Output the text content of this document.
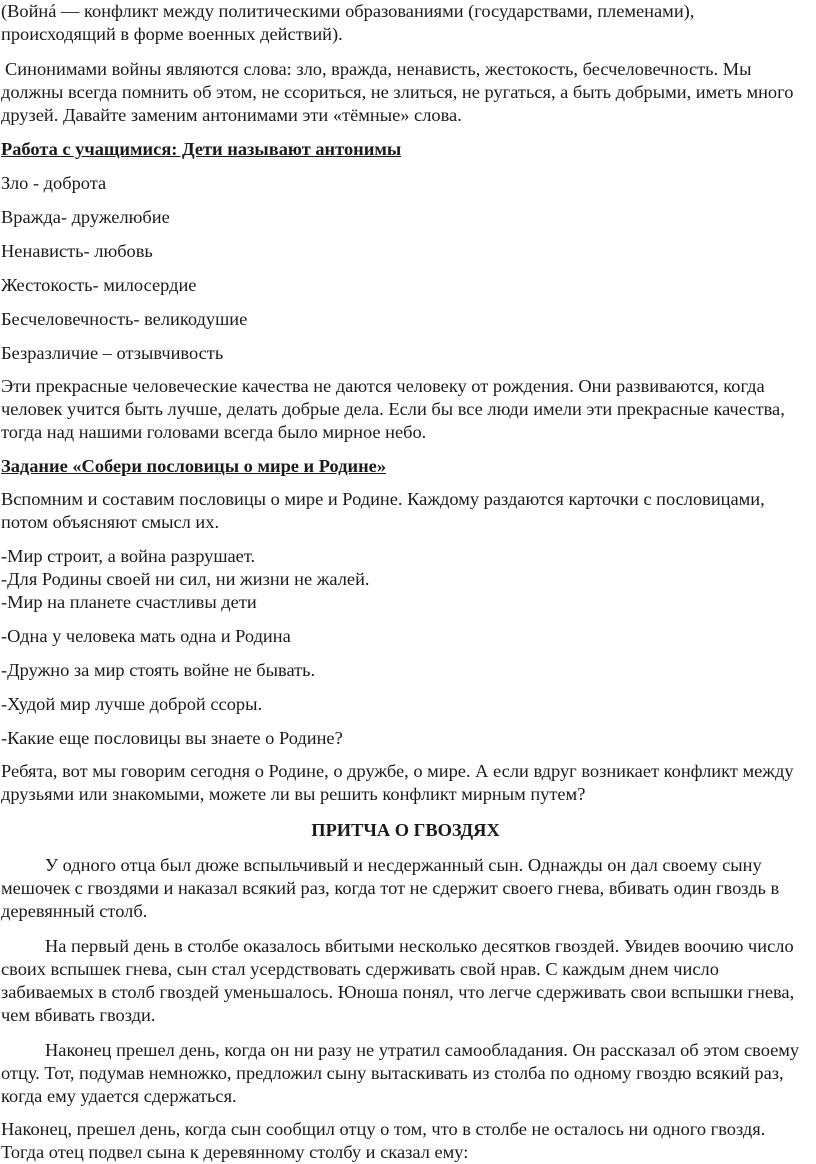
(Войнá — конфликт между политическими образованиями (государствами, племенами), происходящий в форме военных действий).

Синонимами войны являются слова: зло, вражда, ненависть, жестокость, бесчеловечность. Мы должны всегда помнить об этом, не ссориться, не злиться, не ругаться, а быть добрыми, иметь много друзей. Давайте заменим антонимами эти «тёмные» слова.

Работа с учащимися: Дети называют антонимы

Зло - доброта

Вражда- дружелюбие

Ненависть- любовь

Жестокость- милосердие

Бесчеловечность- великодушие

Безразличие – отзывчивость

Эти прекрасные человеческие качества не даются человеку от рождения. Они развиваются, когда человек учится быть лучше, делать добрые дела. Если бы все люди имели эти прекрасные качества, тогда над нашими головами всегда было мирное небо.

Задание «Собери пословицы о мире и Родине»

Вспомним и составим пословицы о мире и Родине. Каждому раздаются карточки с пословицами, потом объясняют смысл их.

-Мир строит, а война разрушает.

-Для Родины своей ни сил, ни жизни не жалей.

-Мир на планете счастливы дети

-Одна у человека мать одна и Родина

-Дружно за мир стоять войне не бывать.

-Худой мир лучше доброй ссоры.

-Какие еще пословицы вы знаете о Родине?

Ребята, вот мы говорим сегодня о Родине, о дружбе, о мире. А если вдруг возникает конфликт между друзьями или знакомыми, можете ли вы решить конфликт мирным путем?

ПРИТЧА О ГВОЗДЯХ

У одного отца был дюже вспыльчивый и несдержанный сын. Однажды он дал своему сыну мешочек с гвоздями и наказал всякий раз, когда тот не сдержит своего гнева, вбивать один гвоздь в деревянный столб.

На первый день в столбе оказалось вбитыми несколько десятков гвоздей. Увидев воочию число своих вспышек гнева, сын стал усердствовать сдерживать свой нрав. С каждым днем число забиваемых в столб гвоздей уменьшалось. Юноша понял, что легче сдерживать свои вспышки гнева, чем вбивать гвозди.

Наконец прешел день, когда он ни разу не утратил самообладания. Он рассказал об этом своему отцу. Тот, подумав немножко, предложил сыну вытаскивать из столба по одному гвоздю всякий раз, когда ему удается сдержаться.

Наконец, прешел день, когда сын сообщил отцу о том, что в столбе не осталось ни одного гвоздя. Тогда отец подвел сына к деревянному столбу и сказал ему:
